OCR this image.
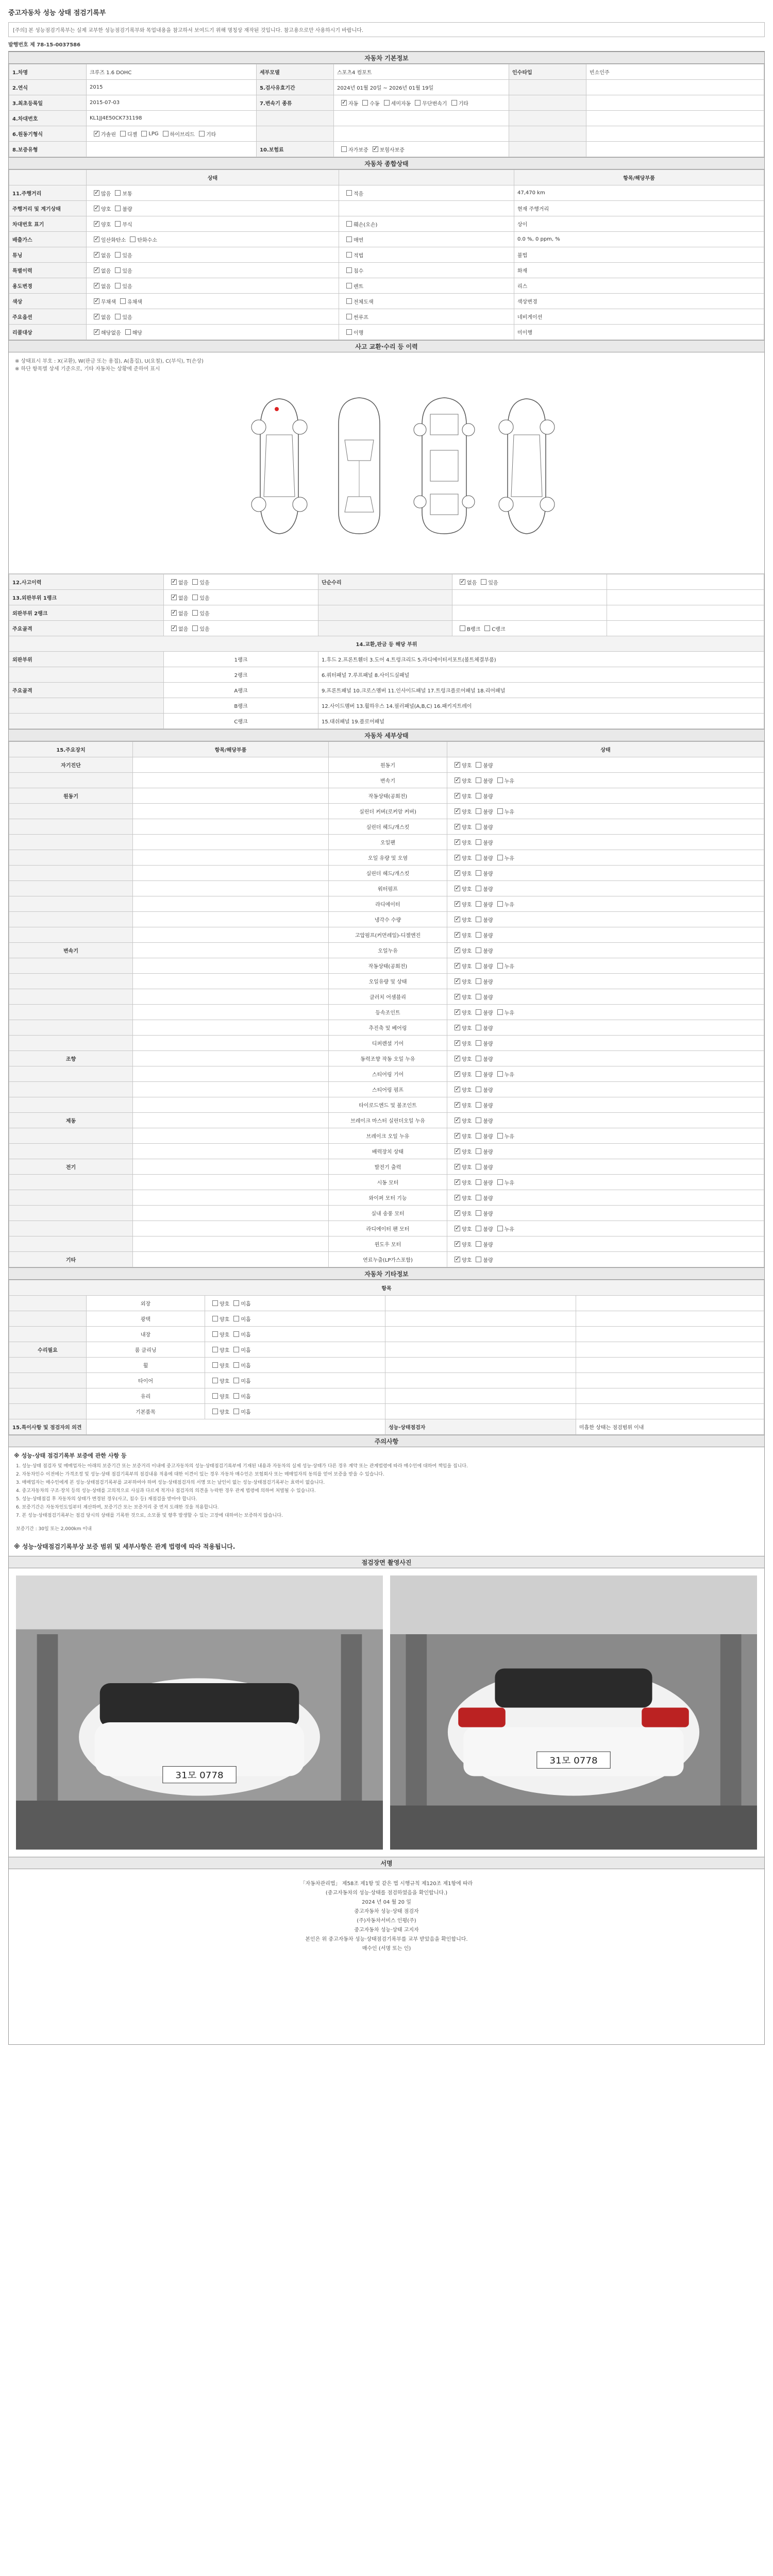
중고자동차 성능 상태 점검기록부
[주의] 본 성능점검기록부는 실제 교부한 성능점검기록부와 목업내용을 참고하셔 보여드기 위해 명칭상 재작된 것입니다. 참고용으로만 사용하시기 바랍니다.
발행번호 제 78-15-0037586
자동차 기본정보
1.차명	크루즈 1.6 DOHC	세부모델	스포츠4 컴포트	인수타입	빈소인주
2.연식	2015	5.검사유효기간	2024년 01월 20일 ~ 2026년 01월 19일		
3.최초등록일	2015-07-03	7.변속기 종류	✓자동 수동 세미자동 무단변속기 기타		
4.차대번호	KL1JJ4E50CK731198				
6.원동기형식	✓가솔린 디젤 LPG 하이브리드 기타				
8.보증유형		10.보험료	자가보증 ✓ 보험사보증		
자동차 종합상태
	상태		항목/해당부품
11.주행거리	✓많음 보통	적음	47,470 km
주행거리 및 계기상태	✓양호 불량		현재 주행거리
차대번호 표기	✓양호 부식	훼손(오손)	상이
배출가스	✓일산화탄소 탄화수소	매연	0.0 %, 0 ppm, %
튜닝	✓없음 있음	적법	불법
특별이력	✓없음 있음	침수	화재
용도변경	✓없음 있음	렌트	리스
색상	✓무채색 유채색	전체도색	색상변경
주요옵션	✓없음 있음	썬루프	네비게이션
리콜대상	✓해당없음 해당	이행	미이행
사고 교환·수리 등 이력
※ 상태표시 부호 : X(교환), W(판금 또는 용접), A(흠집), U(요철), C(부식), T(손상)
※ 하단 항목별 상세 기준으로, 기타 자동차는 상황에 준하여 표시
12.사고이력	✓없음 있음	단순수리	✓없음 있음	
13.외판부위 1랭크	✓없음 있음			
외판부위 2랭크	✓없음 있음			
주요골격	✓없음 있음		B랭크 C랭크	
14.교환,판금 등 해당 부위				
외판부위	1랭크	1.후드 2.프론트휀더 3.도어 4.트렁크리드 5.라디에이터서포트(볼트체결부품)		
	2랭크	6.쿼터패널 7.루프패널 8.사이드실패널		
주요골격	A랭크	9.프론트패널 10.크로스멤버 11.인사이드패널 17.트렁크플로어패널 18.리어패널		
	B랭크	12.사이드멤버 13.휠하우스 14.필러패널(A,B,C) 16.패키지트레이		
	C랭크	15.대쉬패널 19.플로어패널		
자동차 세부상태
15.주요장치	항목/해당부품		상태
자기진단		원동기	✓양호 불량
		변속기	✓양호 불량 누유
원동기		작동상태(공회전)	✓양호 불량
		실린더 커버(로커암 커버)	✓양호 불량 누유
		실린더 헤드/개스킷	✓양호 불량
		오일팬	✓양호 불량
		오일 유량 및 오염	✓양호 불량 누유
		실린더 헤드/개스킷	✓양호 불량
		워터펌프	✓양호 불량
		라디에이터	✓양호 불량 누유
		냉각수 수량	✓양호 불량
		고압펌프(커먼레일)-디젤엔진	✓양호 불량
변속기		오일누유	✓양호 불량
		작동상태(공회전)	✓양호 불량 누유
		오일유량 및 상태	✓양호 불량
		클러치 어셈블리	✓양호 불량
		등속조인트	✓양호 불량 누유
		추진축 및 베어링	✓양호 불량
		디퍼렌셜 기어	✓양호 불량
조향		동력조향 작동 오일 누유	✓양호 불량
		스티어링 기어	✓양호 불량 누유
		스티어링 펌프	✓양호 불량
		타이로드엔드 및 볼조인트	✓양호 불량
제동		브레이크 마스터 실린더오일 누유	✓양호 불량
		브레이크 오일 누유	✓양호 불량 누유
		배력장치 상태	✓양호 불량
전기		발전기 출력	✓양호 불량
		시동 모터	✓양호 불량 누유
		와이퍼 모터 기능	✓양호 불량
		실내 송풍 모터	✓양호 불량
		라디에이터 팬 모터	✓양호 불량 누유
		윈도우 모터	✓양호 불량
기타		연료누출(LP가스포함)	✓양호 불량
자동차 기타정보
항목				
	외장	양호 미흡		
	광택	양호 미흡		
	내장	양호 미흡		
수리필요	룸 클리닝	양호 미흡		
	휠	양호 미흡		
	타이어	양호 미흡		
	유리	양호 미흡		
	기본품목	양호 미흡		
15.특이사항 및 점검자의 의견			성능·상태점검자	미흡한 상태는 점검범위 이내
주의사항
※ 성능·상태 점검기록부 보증에 관한 사항 등

1. 성능·상태 점검자 및 매매업자는 아래의 보증기간 또는 보증거리 이내에 중고자동차의 성능·상태점검기록부에 기재된 내용과 자동차의 실제 성능·상태가 다른 경우 계약 또는 관계법령에 따라 매수인에 대하여 책임을 집니다.

2. 자동차인수 이전에는 가격조정 및 성능·상태 점검기록부의 점검내용 적용에 대한 이견이 있는 경우 자동차 매수인은 보험회사 또는 매매업자의 동의를 얻어 보증을 받을 수 있습니다.

3. 매매업자는 매수인에게 본 성능·상태점검기록부를 교부하여야 하며 성능·상태점검자의 서명 또는 날인이 없는 성능·상태점검기록부는 효력이 없습니다.

4. 중고자동차의 구조·장치 등의 성능·상태를 고의적으로 사실과 다르게 적거나 점검자의 의견을 누락한 경우 관계 법령에 의하여 처벌될 수 있습니다.

5. 성능·상태점검 후 자동차의 상태가 변경된 경우(사고, 침수 등) 재점검을 받아야 합니다.

6. 보증기간은 자동차인도일부터 계산하며, 보증기간 또는 보증거리 중 먼저 도래한 것을 적용합니다.

7. 본 성능·상태점검기록부는 점검 당시의 상태를 기록한 것으로, 소모품 및 향후 발생할 수 있는 고장에 대하여는 보증하지 않습니다.

보증기간 : 30일 또는 2,000km 이내
※ 성능·상태점검기록부상 보증 범위 및 세부사항은 관계 법령에 따라 적용됩니다.
점검장면 촬영사진
31모 0778
31모 0778
서명
「자동차관리법」 제58조 제1항 및 같은 법 시행규칙 제120조 제1항에 따라
(중고자동차의 성능·상태를 점검하였음을 확인합니다.)
2024 년 04 월 20 일
중고자동차 성능·상태 점검자
(주)자동차서비스 인평(주)
중고자동차 성능·상태 고지자
본인은 위 중고자동차 성능·상태점검기록부를 교부 받았음을 확인합니다.
매수인 (서명 또는 인)
